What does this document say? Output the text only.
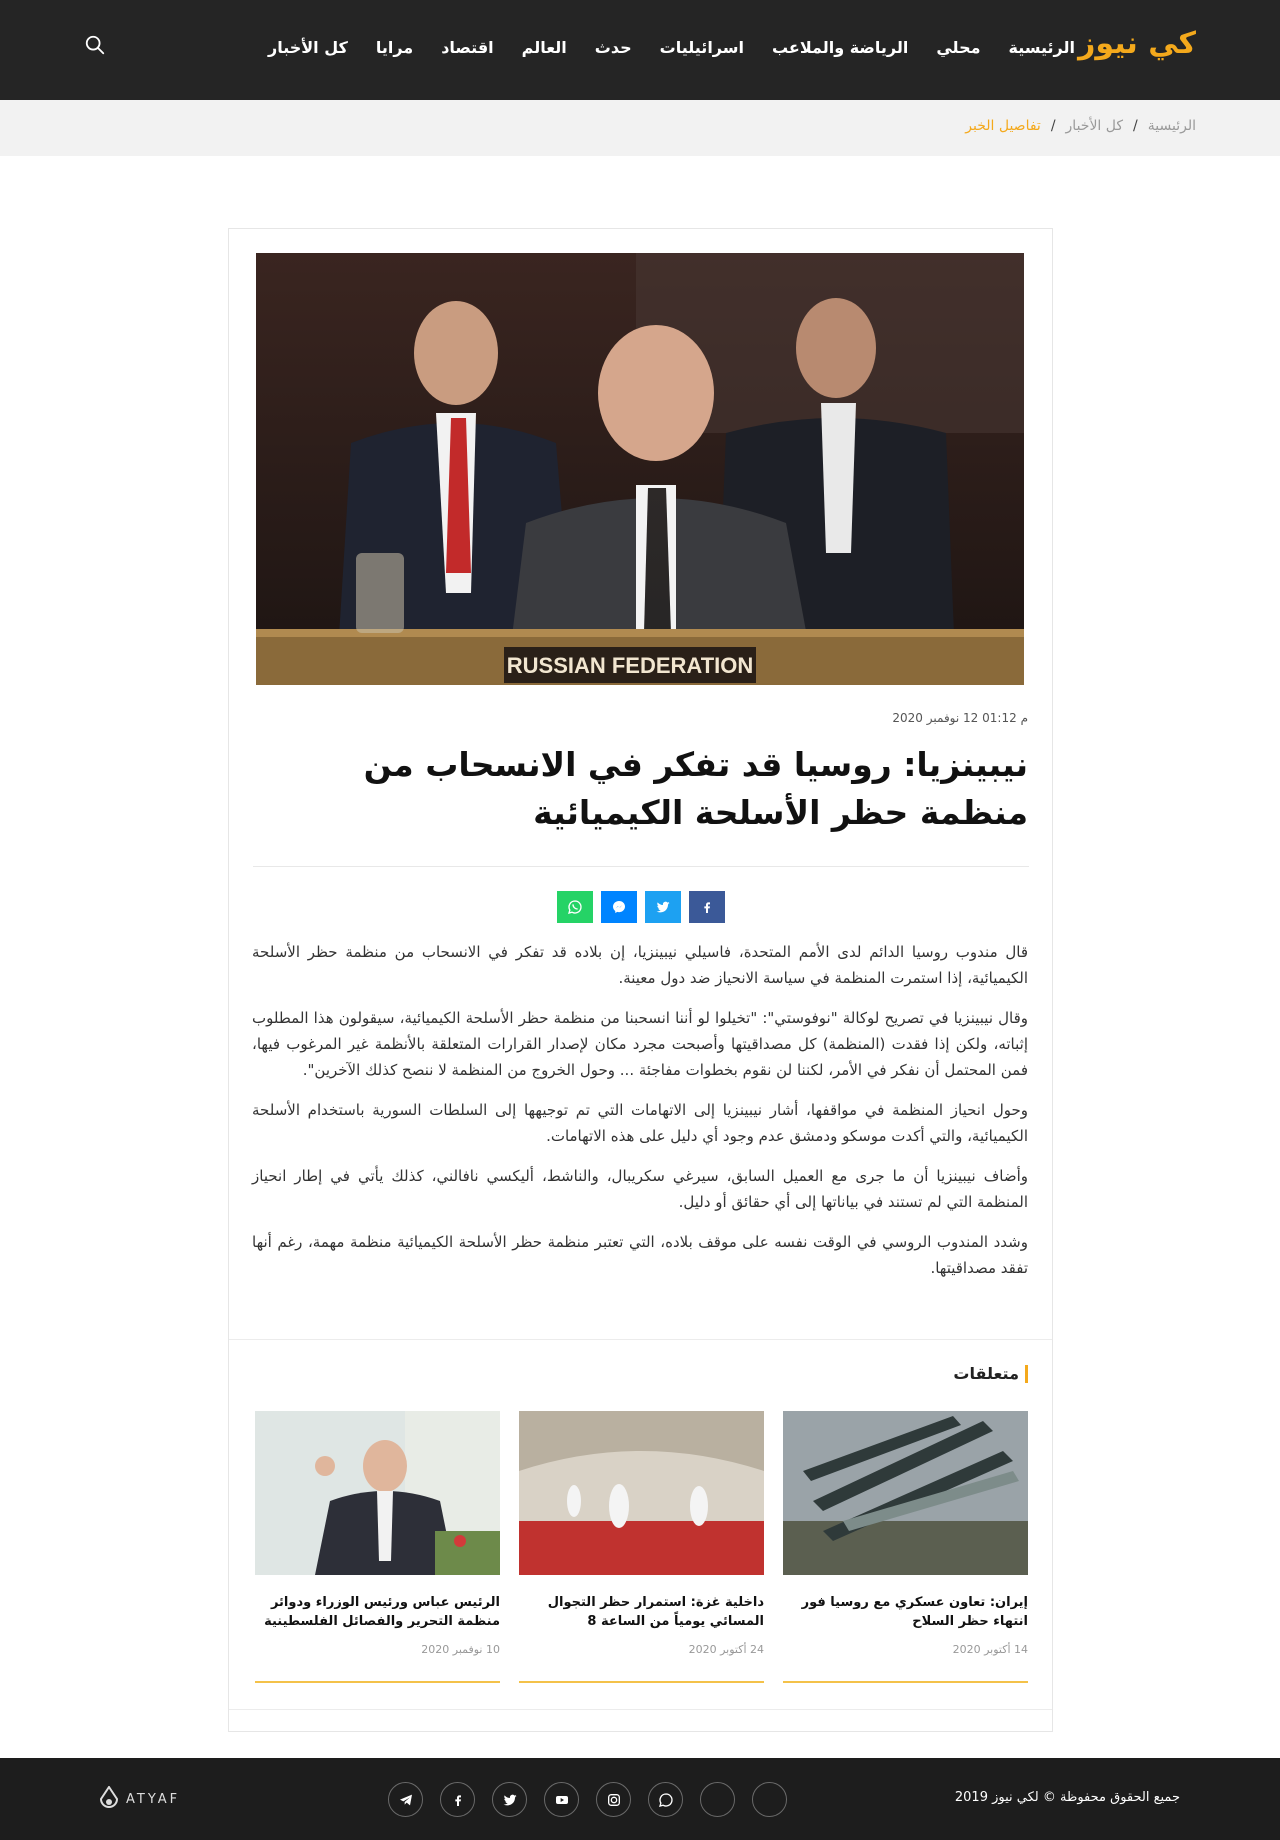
كي نيوز
الرئيسية
محلي
الرياضة والملاعب
اسرائيليات
حدث
العالم
اقتصاد
مرايا
كل الأخبار
الرئيسية
/
كل الأخبار
/
تفاصيل الخبر
RUSSIAN FEDERATION
م 01:12 12 نوفمبر 2020
نيبينزيا: روسيا قد تفكر في الانسحاب من منظمة حظر الأسلحة الكيميائية

قال مندوب روسيا الدائم لدى الأمم المتحدة، فاسيلي نيبينزيا، إن بلاده قد تفكر في الانسحاب من منظمة حظر الأسلحة الكيميائية، إذا استمرت المنظمة في سياسة الانحياز ضد دول معينة.

وقال نيبينزيا في تصريح لوكالة "نوفوستي": "تخيلوا لو أننا انسحبنا من منظمة حظر الأسلحة الكيميائية، سيقولون هذا المطلوب إثباته، ولكن إذا فقدت (المنظمة) كل مصداقيتها وأصبحت مجرد مكان لإصدار القرارات المتعلقة بالأنظمة غير المرغوب فيها، فمن المحتمل أن نفكر في الأمر، لكننا لن نقوم بخطوات مفاجئة ... وحول الخروج من المنظمة لا ننصح كذلك الآخرين".

وحول انحياز المنظمة في مواقفها، أشار نيبينزيا إلى الاتهامات التي تم توجيهها إلى السلطات السورية باستخدام الأسلحة الكيميائية، والتي أكدت موسكو ودمشق عدم وجود أي دليل على هذه الاتهامات.

وأضاف نيبينزيا أن ما جرى مع العميل السابق، سيرغي سكريبال، والناشط، أليكسي نافالني، كذلك يأتي في إطار انحياز المنظمة التي لم تستند في بياناتها إلى أي حقائق أو دليل.

وشدد المندوب الروسي في الوقت نفسه على موقف بلاده، التي تعتبر منظمة حظر الأسلحة الكيميائية منظمة مهمة، رغم أنها تفقد مصداقيتها.

متعلقات
إيران: تعاون عسكري مع روسيا فور انتهاء حظر السلاح
14 أكتوبر 2020
داخلية غزة: استمرار حظر التجوال المسائي يومياً من الساعة 8
24 أكتوبر 2020
الرئيس عباس ورئيس الوزراء ودوائر منظمة التحرير والفصائل الفلسطينية
10 نوفمبر 2020
جميع الحقوق محفوظة © لكي نيوز 2019
ATYAF
